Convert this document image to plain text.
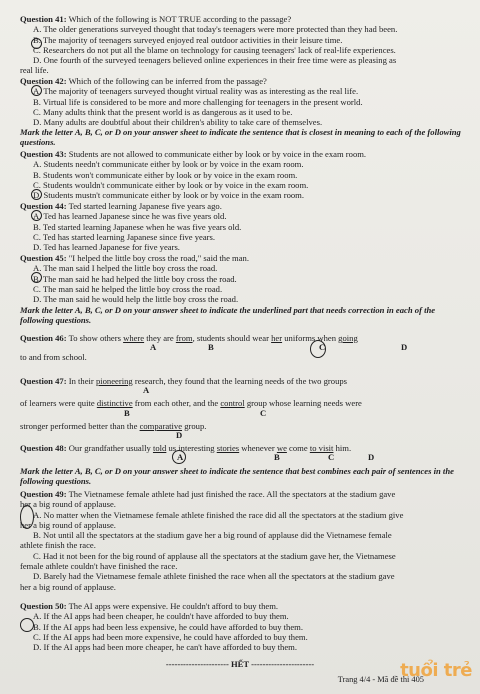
Question 41: Which of the following is NOT TRUE according to the passage?

A. The older generations surveyed thought that today's teenagers were more protected than they had been.

B. The majority of teenagers surveyed enjoyed real outdoor activities in their leisure time.

C. Researchers do not put all the blame on technology for causing teenagers' lack of real-life experiences.

D. One fourth of the surveyed teenagers believed online experiences in their free time were as pleasing as

real life.

Question 42: Which of the following can be inferred from the passage?

A. The majority of teenagers surveyed thought virtual reality was as interesting as the real life.

B. Virtual life is considered to be more and more challenging for teenagers in the present world.

C. Many adults think that the present world is as dangerous as it used to be.

D. Many adults are doubtful about their children's ability to take care of themselves.

Mark the letter A, B, C, or D on your answer sheet to indicate the sentence that is closest in meaning to each of the following questions.

Question 43: Students are not allowed to communicate either by look or by voice in the exam room.

A. Students needn't communicate either by look or by voice in the exam room.

B. Students won't communicate either by look or by voice in the exam room.

C. Students wouldn't communicate either by look or by voice in the exam room.

D. Students mustn't communicate either by look or by voice in the exam room.

Question 44: Ted started learning Japanese five years ago.

A. Ted has learned Japanese since he was five years old.

B. Ted started learning Japanese when he was five years old.

C. Ted has started learning Japanese since five years.

D. Ted has learned Japanese for five years.

Question 45: "I helped the little boy cross the road," said the man.

A. The man said I helped the little boy cross the road.

B. The man said he had helped the little boy cross the road.

C. The man said he helped the little boy cross the road.

D. The man said he would help the little boy cross the road.

Mark the letter A, B, C, or D on your answer sheet to indicate the underlined part that needs correction in each of the following questions.

Question 46: To show others where they are from, students should wear her uniforms when going

A	B	C	D

to and from school.

Question 47: In their pioneering research, they found that the learning needs of the two groups

A

of learners were quite distinctive from each other, and the control group whose learning needs were

B	C

stronger performed better than the comparative group.

D

Question 48: Our grandfather usually told us interesting stories whenever we come to visit him.

A	B	C	D

Mark the letter A, B, C, or D on your answer sheet to indicate the sentence that best combines each pair of sentences in the following questions.

Question 49: The Vietnamese female athlete had just finished the race. All the spectators at the stadium gave

her a big round of applause.

A. No matter when the Vietnamese female athlete finished the race did all the spectators at the stadium give

her a big round of applause.

B. Not until all the spectators at the stadium gave her a big round of applause did the Vietnamese female

athlete finish the race.

C. Had it not been for the big round of applause all the spectators at the stadium gave her, the Vietnamese

female athlete couldn't have finished the race.

D. Barely had the Vietnamese female athlete finished the race when all the spectators at the stadium gave

her a big round of applause.

Question 50: The AI apps were expensive. He couldn't afford to buy them.

A. If the AI apps had been cheaper, he couldn't have afforded to buy them.

B. If the AI apps had been less expensive, he could have afforded to buy them.

C. If the AI apps had been more expensive, he could have afforded to buy them.

D. If the AI apps had been more cheaper, he can't have afforded to buy them.

---------------------- HẾT ----------------------
Trang 4/4 - Mã đề thi 405
tuổi trẻ
